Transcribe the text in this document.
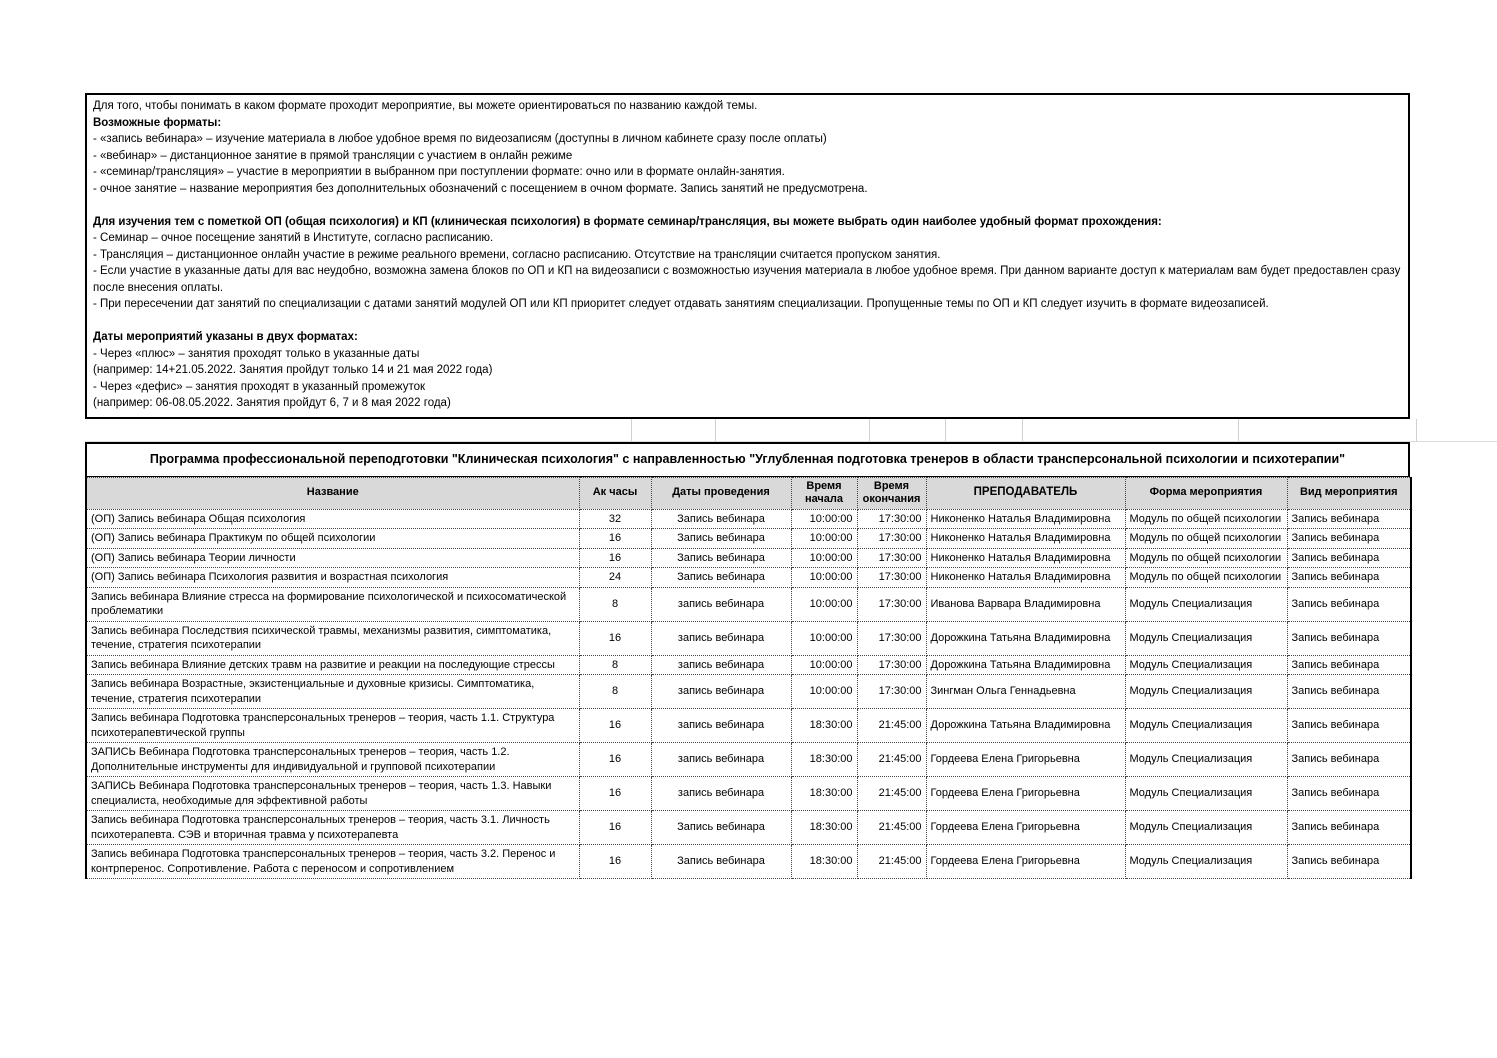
Для того, чтобы понимать в каком формате проходит мероприятие, вы можете ориентироваться по названию каждой темы.
Возможные форматы:
- «запись вебинара» – изучение материала в любое удобное время по видеозаписям (доступны в личном кабинете сразу после оплаты)
- «вебинар» – дистанционное занятие в прямой трансляции с участием в онлайн режиме
- «семинар/трансляция» – участие в мероприятии в выбранном при поступлении формате: очно или в формате онлайн-занятия.
- очное занятие – название мероприятия без дополнительных обозначений с посещением в очном формате. Запись занятий не предусмотрена.
Для изучения тем с пометкой ОП (общая психология) и КП (клиническая психология) в формате семинар/трансляция, вы можете выбрать один наиболее удобный формат прохождения:
- Семинар – очное посещение занятий в Институте, согласно расписанию.
- Трансляция – дистанционное онлайн участие в режиме реального времени, согласно расписанию. Отсутствие на трансляции считается пропуском занятия.
- Если участие в указанные даты для вас неудобно, возможна замена блоков по ОП и КП на видеозаписи с возможностью изучения материала в любое удобное время. При данном варианте доступ к материалам вам будет предоставлен сразу после внесения оплаты.
- При пересечении дат занятий по специализации с датами занятий модулей ОП или КП приоритет следует отдавать занятиям специализации. Пропущенные темы по ОП и КП следует изучить в формате видеозаписей.
Даты мероприятий указаны в двух форматах:
- Через «плюс» – занятия проходят только в указанные даты
(например: 14+21.05.2022. Занятия пройдут только 14 и 21 мая 2022 года)
- Через «дефис» – занятия проходят в указанный промежуток
(например: 06-08.05.2022. Занятия пройдут 6, 7 и 8 мая 2022 года)
Программа профессиональной переподготовки "Клиническая психология" с направленностью "Углубленная подготовка тренеров в области трансперсональной психологии и психотерапии"
Название	Ак часы	Даты проведения	Время начала	Время окончания	ПРЕПОДАВАТЕЛЬ	Форма мероприятия	Вид мероприятия
(ОП) Запись вебинара Общая психология	32	Запись вебинара	10:00:00	17:30:00	Никоненко Наталья Владимировна	Модуль по общей психологии	Запись вебинара
(ОП) Запись вебинара Практикум по общей психологии	16	Запись вебинара	10:00:00	17:30:00	Никоненко Наталья Владимировна	Модуль по общей психологии	Запись вебинара
(ОП) Запись вебинара Теории личности	16	Запись вебинара	10:00:00	17:30:00	Никоненко Наталья Владимировна	Модуль по общей психологии	Запись вебинара
(ОП) Запись вебинара Психология развития и возрастная психология	24	Запись вебинара	10:00:00	17:30:00	Никоненко Наталья Владимировна	Модуль по общей психологии	Запись вебинара
Запись вебинара Влияние стресса на формирование психологической и психосоматической проблематики	8	запись вебинара	10:00:00	17:30:00	Иванова Варвара Владимировна	Модуль Специализация	Запись вебинара
Запись вебинара Последствия психической травмы, механизмы развития, симптоматика, течение, стратегия психотерапии	16	запись вебинара	10:00:00	17:30:00	Дорожкина Татьяна Владимировна	Модуль Специализация	Запись вебинара
Запись вебинара Влияние детских травм на развитие и реакции на последующие стрессы	8	запись вебинара	10:00:00	17:30:00	Дорожкина Татьяна Владимировна	Модуль Специализация	Запись вебинара
Запись вебинара Возрастные, экзистенциальные и духовные кризисы. Симптоматика, течение, стратегия психотерапии	8	запись вебинара	10:00:00	17:30:00	Зингман Ольга Геннадьевна	Модуль Специализация	Запись вебинара
Запись вебинара Подготовка трансперсональных тренеров – теория, часть 1.1. Структура психотерапевтической группы	16	запись вебинара	18:30:00	21:45:00	Дорожкина Татьяна Владимировна	Модуль Специализация	Запись вебинара
ЗАПИСЬ Вебинара Подготовка трансперсональных тренеров – теория, часть 1.2. Дополнительные инструменты для индивидуальной и групповой психотерапии	16	запись вебинара	18:30:00	21:45:00	Гордеева Елена Григорьевна	Модуль Специализация	Запись вебинара
ЗАПИСЬ Вебинара Подготовка трансперсональных тренеров – теория, часть 1.3. Навыки специалиста, необходимые для эффективной работы	16	запись вебинара	18:30:00	21:45:00	Гордеева Елена Григорьевна	Модуль Специализация	Запись вебинара
Запись вебинара Подготовка трансперсональных тренеров – теория, часть 3.1. Личность психотерапевта. СЭВ и вторичная травма у психотерапевта	16	Запись вебинара	18:30:00	21:45:00	Гордеева Елена Григорьевна	Модуль Специализация	Запись вебинара
Запись вебинара Подготовка трансперсональных тренеров – теория, часть 3.2. Перенос и контрперенос. Сопротивление. Работа с переносом и сопротивлением	16	Запись вебинара	18:30:00	21:45:00	Гордеева Елена Григорьевна	Модуль Специализация	Запись вебинара
